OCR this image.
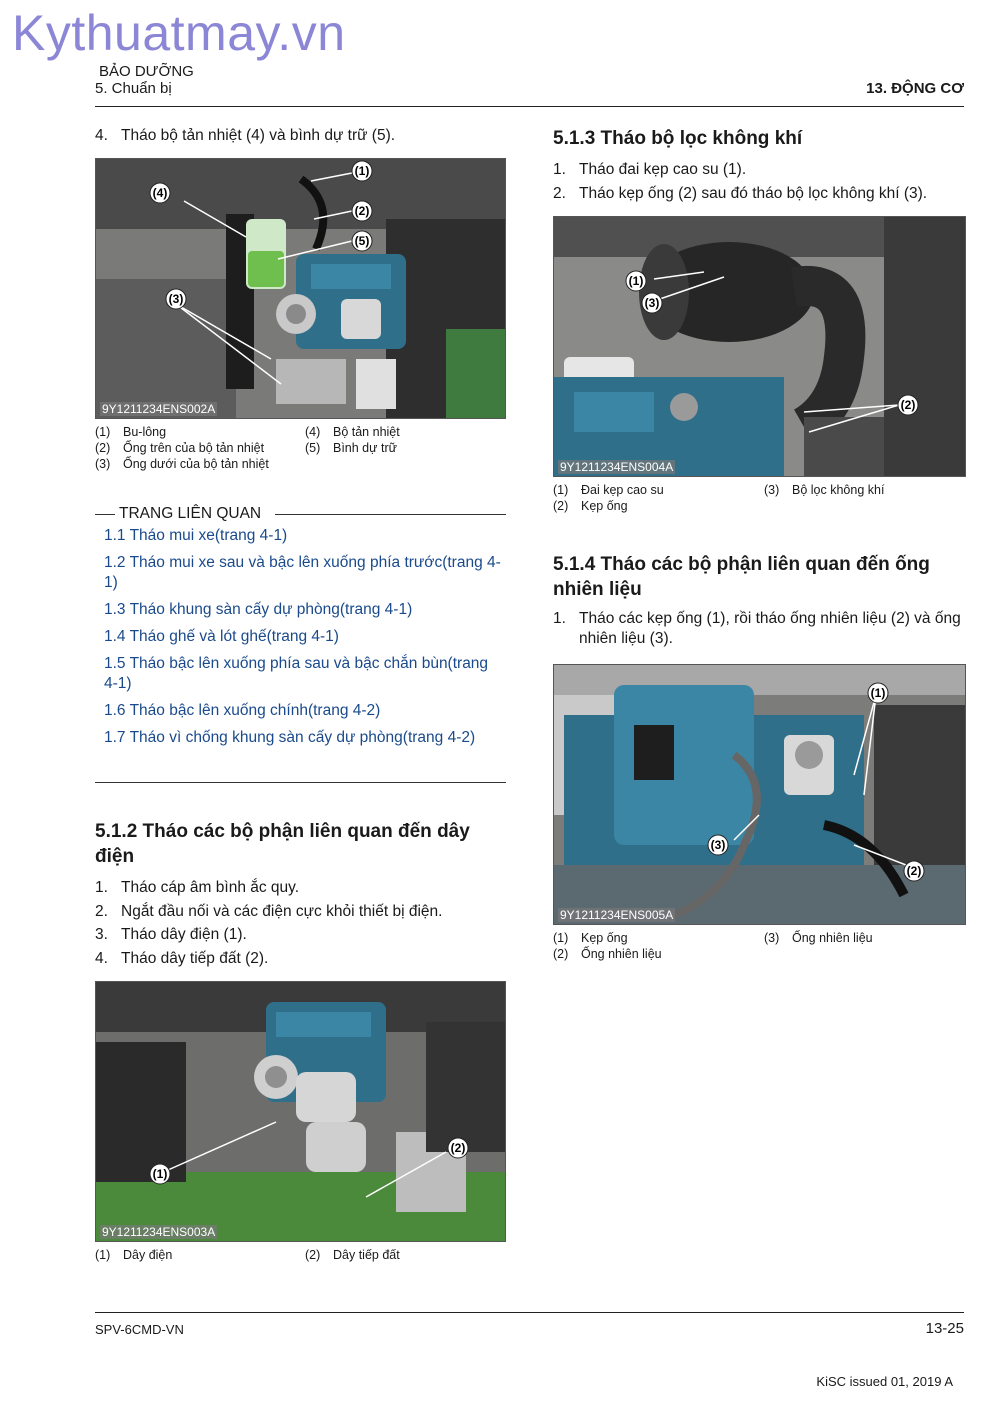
Kythuatmay.vn
BẢO DƯỠNG
5. Chuẩn bị	13. ĐỘNG CƠ
4. Tháo bộ tản nhiệt (4) và bình dự trữ (5).
(1)
(2)
(5)
(4)
(3)
9Y1211234ENS002A
(1) Bu-lông
(2) Ống trên của bộ tản nhiệt
(3) Ống dưới của bộ tản nhiệt
(4) Bộ tản nhiệt
(5) Bình dự trữ
TRANG LIÊN QUAN
1.1 Tháo mui xe(trang 4-1)
1.2 Tháo mui xe sau và bậc lên xuống phía trước(trang 4-1)
1.3 Tháo khung sàn cấy dự phòng(trang 4-1)
1.4 Tháo ghế và lót ghế(trang 4-1)
1.5 Tháo bậc lên xuống phía sau và bậc chắn bùn(trang 4-1)
1.6 Tháo bậc lên xuống chính(trang 4-2)
1.7 Tháo vì chống khung sàn cấy dự phòng(trang 4-2)
5.1.2 Tháo các bộ phận liên quan đến dây điện
1. Tháo cáp âm bình ắc quy.
2. Ngắt đầu nối và các điện cực khỏi thiết bị điện.
3. Tháo dây điện (1).
4. Tháo dây tiếp đất (2).
(1)
(2)
9Y1211234ENS003A
(1) Dây điện	(2) Dây tiếp đất
5.1.3 Tháo bộ lọc không khí
1. Tháo đai kẹp cao su (1).
2. Tháo kẹp ống (2) sau đó tháo bộ lọc không khí (3).
(1)
(3)
(2)
9Y1211234ENS004A
(1) Đai kẹp cao su
(2) Kẹp ống
(3) Bộ lọc không khí
5.1.4 Tháo các bộ phận liên quan đến ống nhiên liệu
1. Tháo các kẹp ống (1), rồi tháo ống nhiên liệu (2) và ống nhiên liệu (3).
(1)
(3)
(2)
9Y1211234ENS005A
(1) Kẹp ống
(2) Ống nhiên liệu
(3) Ống nhiên liệu
SPV-6CMD-VN	13-25
KiSC issued 01, 2019 A
